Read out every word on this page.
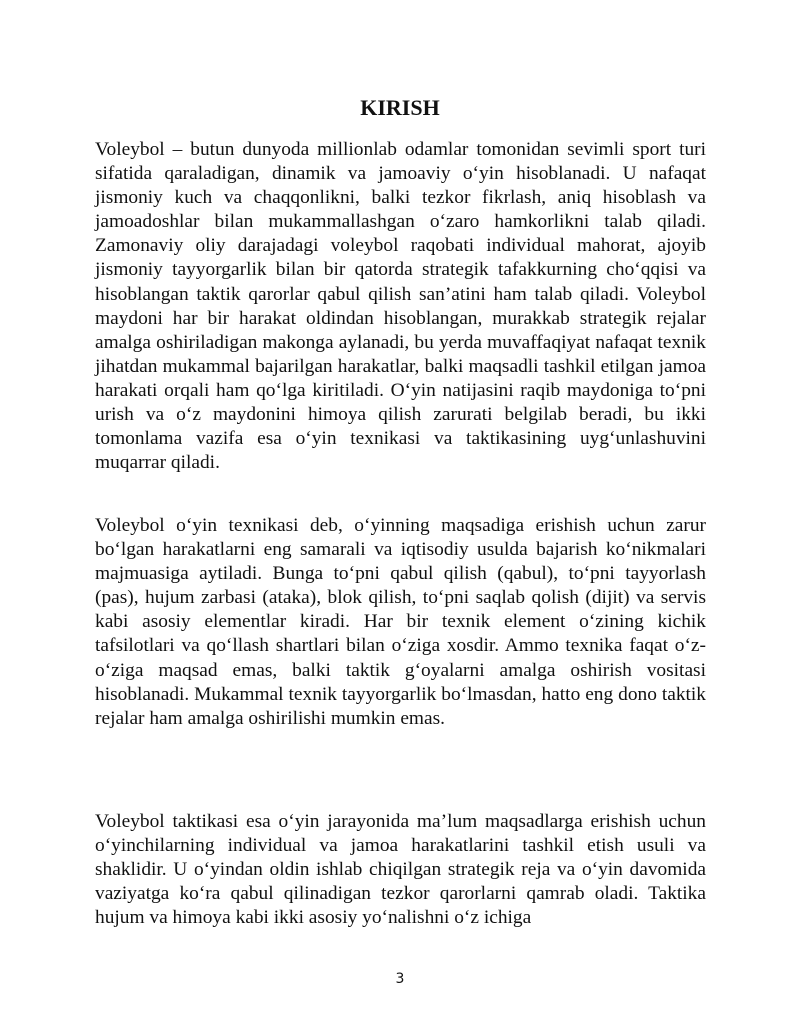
KIRISH

Voleybol – butun dunyoda millionlab odamlar tomonidan sevimli sport turi sifatida qaraladigan, dinamik va jamoaviy o‘yin hisoblanadi. U nafaqat jismoniy kuch va chaqqonlikni, balki tezkor fikrlash, aniq hisoblash va jamoadoshlar bilan mukammallashgan o‘zaro hamkorlikni talab qiladi. Zamonaviy oliy darajadagi voleybol raqobati individual mahorat, ajoyib jismoniy tayyorgarlik bilan bir qatorda strategik tafakkurning cho‘qqisi va hisoblangan taktik qarorlar qabul qilish san’atini ham talab qiladi. Voleybol maydoni har bir harakat oldindan hisoblangan, murakkab strategik rejalar amalga oshiriladigan makonga aylanadi, bu yerda muvaffaqiyat nafaqat texnik jihatdan mukammal bajarilgan harakatlar, balki maqsadli tashkil etilgan jamoa harakati orqali ham qo‘lga kiritiladi. O‘yin natijasini raqib maydoniga to‘pni urish va o‘z maydonini himoya qilish zarurati belgilab beradi, bu ikki tomonlama vazifa esa o‘yin texnikasi va taktikasining uyg‘unlashuvini muqarrar qiladi.

Voleybol o‘yin texnikasi deb, o‘yinning maqsadiga erishish uchun zarur bo‘lgan harakatlarni eng samarali va iqtisodiy usulda bajarish ko‘nikmalari majmuasiga aytiladi. Bunga to‘pni qabul qilish (qabul), to‘pni tayyorlash (pas), hujum zarbasi (ataka), blok qilish, to‘pni saqlab qolish (dijit) va servis kabi asosiy elementlar kiradi. Har bir texnik element o‘zining kichik tafsilotlari va qo‘llash shartlari bilan o‘ziga xosdir. Ammo texnika faqat o‘z-o‘ziga maqsad emas, balki taktik g‘oyalarni amalga oshirish vositasi hisoblanadi. Mukammal texnik tayyorgarlik bo‘lmasdan, hatto eng dono taktik rejalar ham amalga oshirilishi mumkin emas.

Voleybol taktikasi esa o‘yin jarayonida ma’lum maqsadlarga erishish uchun o‘yinchilarning individual va jamoa harakatlarini tashkil etish usuli va shaklidir. U o‘yindan oldin ishlab chiqilgan strategik reja va o‘yin davomida vaziyatga ko‘ra qabul qilinadigan tezkor qarorlarni qamrab oladi. Taktika hujum va himoya kabi ikki asosiy yo‘nalishni o‘z ichiga

3
